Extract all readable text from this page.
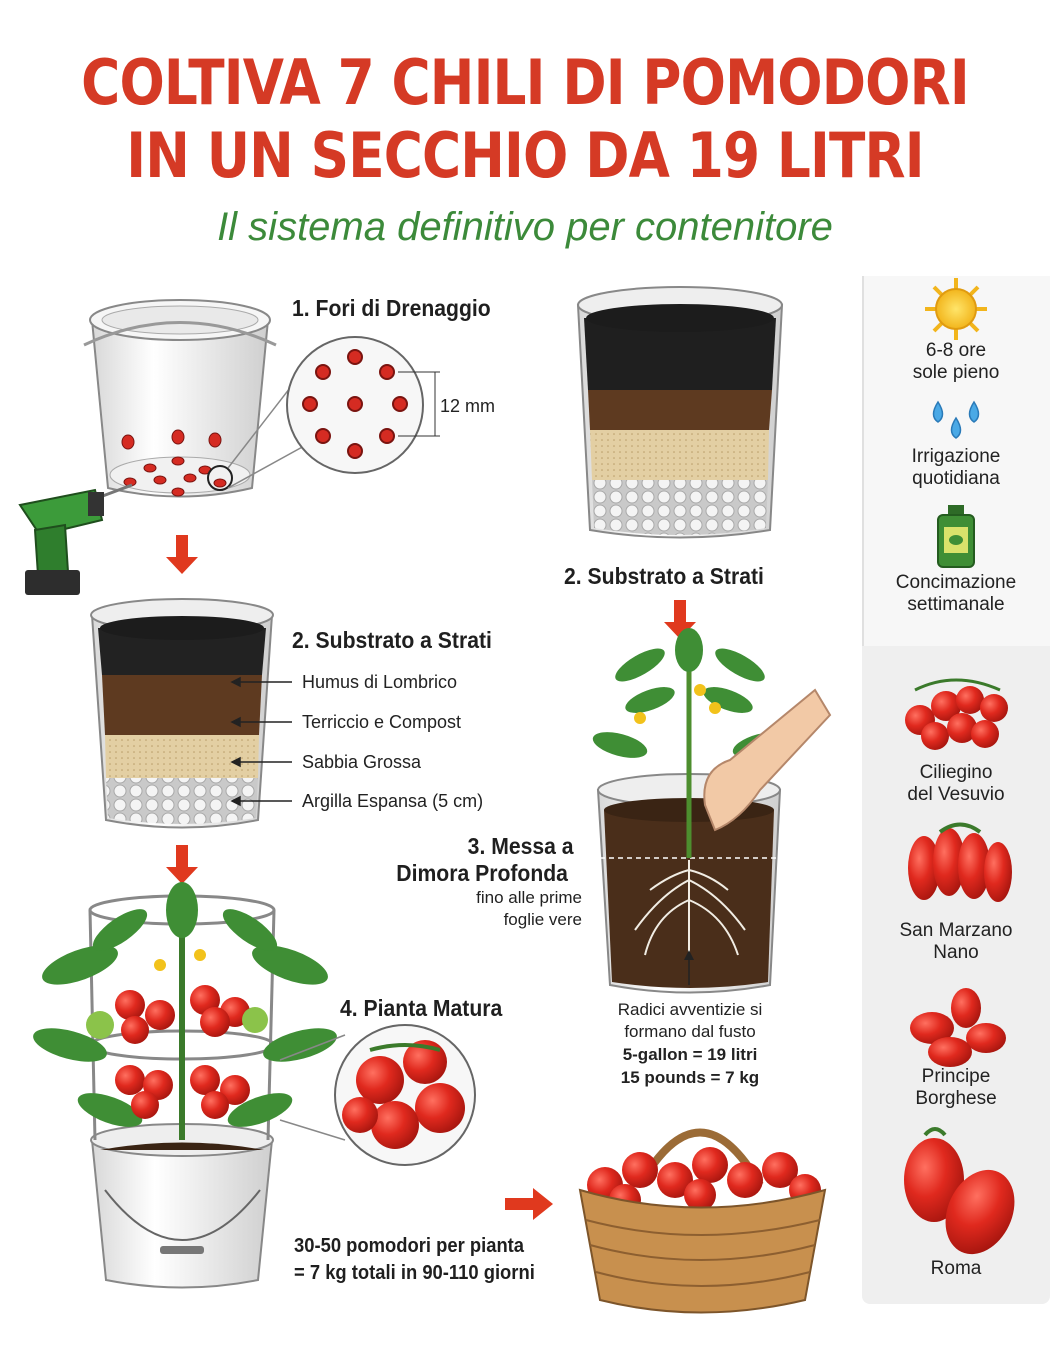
COLTIVA 7 CHILI DI POMODORI
IN UN SECCHIO DA 19 LITRI
Il sistema definitivo per contenitore
1. Fori di Drenaggio
12 mm
2. Substrato a Strati
Humus di Lombrico
Terriccio e Compost
Sabbia Grossa
Argilla Espansa (5 cm)
2. Substrato a Strati
3. Messa a
Dimora Profonda
fino alle prime
foglie vere
Radici avventizie si
formano dal fusto
5-gallon = 19 litri
15 pounds = 7 kg
4. Pianta Matura
30-50 pomodori per pianta
= 7 kg totali in 90-110 giorni
6-8 ore
sole pieno
Irrigazione
quotidiana
Concimazione
settimanale
Ciliegino
del Vesuvio
San Marzano
Nano
Principe
Borghese
Roma
